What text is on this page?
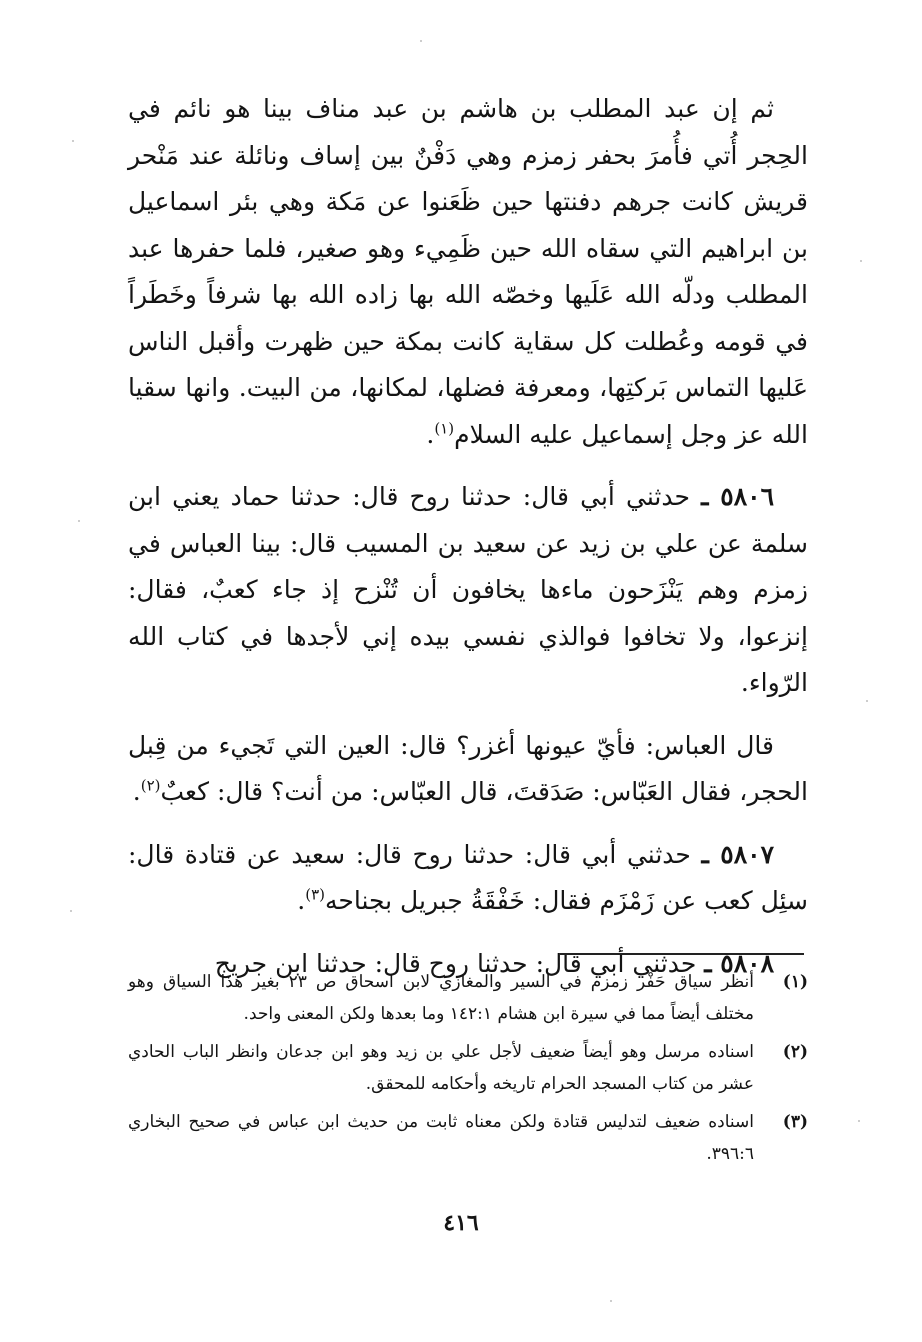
ثم إن عبد المطلب بن هاشم بن عبد مناف بينا هو نائم في الحِجر أُتي فأُمرَ بحفر زمزم وهي دَفْنٌ بين إساف ونائلة عند مَنْحر قريش كانت جرهم دفنتها حين ظَعَنوا عن مَكة وهي بئر اسماعيل بن ابراهيم التي سقاه الله حين ظَمِيء وهو صغير، فلما حفرها عبد المطلب ودلّه الله عَلَيها وخصّه الله بها زاده الله بها شرفاً وخَطَراً في قومه وعُطلت كل سقاية كانت بمكة حين ظهرت وأقبل الناس عَليها التماس بَركتِها، ومعرفة فضلها، لمكانها، من البيت. وانها سقيا الله عز وجل إسماعيل عليه السلام$^{(١)}$.

٥٨٠٦ ـ حدثني أبي قال: حدثنا روح قال: حدثنا حماد يعني ابن سلمة عن علي بن زيد عن سعيد بن المسيب قال: بينا العباس في زمزم وهم يَنْزَحون ماءها يخافون أن تُنْزح إذ جاء كعبٌ، فقال: إنزعوا، ولا تخافوا فوالذي نفسي بيده إني لأجدها في كتاب الله الرّواء.

قال العباس: فأيّ عيونها أغزر؟ قال: العين التي تَجيء من قِبل الحجر، فقال العَبّاس: صَدَقتَ، قال العبّاس: من أنت؟ قال: كعبٌ$^{(٢)}$.

٥٨٠٧ ـ حدثني أبي قال: حدثنا روح قال: سعيد عن قتادة قال: سئِل كعب عن زَمْزَم فقال: خَفْقَةُ جبريل بجناحه$^{(٣)}$.

٥٨٠٨ ـ حدثني أبي قال: حدثنا روح قال: حدثنا ابن جريج

(١)
أنظر سياق حَفْر زمزم في السير والمغازي لابن اسحاق ص ٢٣ بغير هذا السياق وهو مختلف أيضاً مما في سيرة ابن هشام ١٤٢:١ وما بعدها ولكن المعنى واحد.
(٢)
اسناده مرسل وهو أيضاً ضعيف لأجل علي بن زيد وهو ابن جدعان وانظر الباب الحادي عشر من كتاب المسجد الحرام تاريخه وأحكامه للمحقق.
(٣)
اسناده ضعيف لتدليس قتادة ولكن معناه ثابت من حديث ابن عباس في صحيح البخاري ٣٩٦:٦.
٤١٦
